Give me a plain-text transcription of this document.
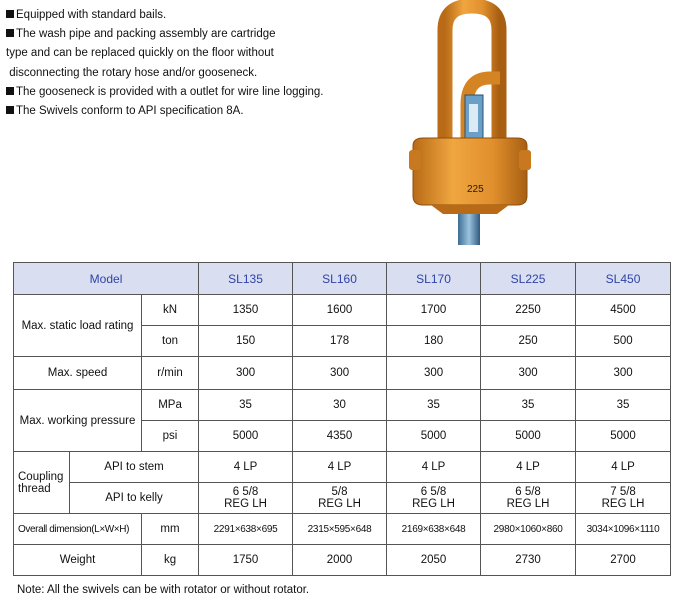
Equipped with standard bails.
The wash pipe and packing assembly are cartridge
type and can be replaced quickly on the floor without
disconnecting the rotary hose and/or gooseneck.
The gooseneck is provided with a outlet for wire line logging.
The Swivels conform to API specification 8A.
225
Model			SL135	SL160	SL170	SL225	SL450
Max. static load rating		kN	1350	1600	1700	2250	4500
		ton	150	178	180	250	500
Max. speed		r/min	300	300	300	300	300
Max. working pressure		MPa	35	30	35	35	35
		psi	5000	4350	5000	5000	5000
Coupling
thread	API to stem		4 LP	4 LP	4 LP	4 LP	4 LP
	API to kelly		6 5/8
REG LH	5/8
REG LH	6 5/8
REG LH	6 5/8
REG LH	7 5/8
REG LH
Overall dimension(L×W×H)		mm	2291×638×695	2315×595×648	2169×638×648	2980×1060×860	3034×1096×1110
Weight		kg	1750	2000	2050	2730	2700
Note: All the swivels can be with rotator or without rotator.
